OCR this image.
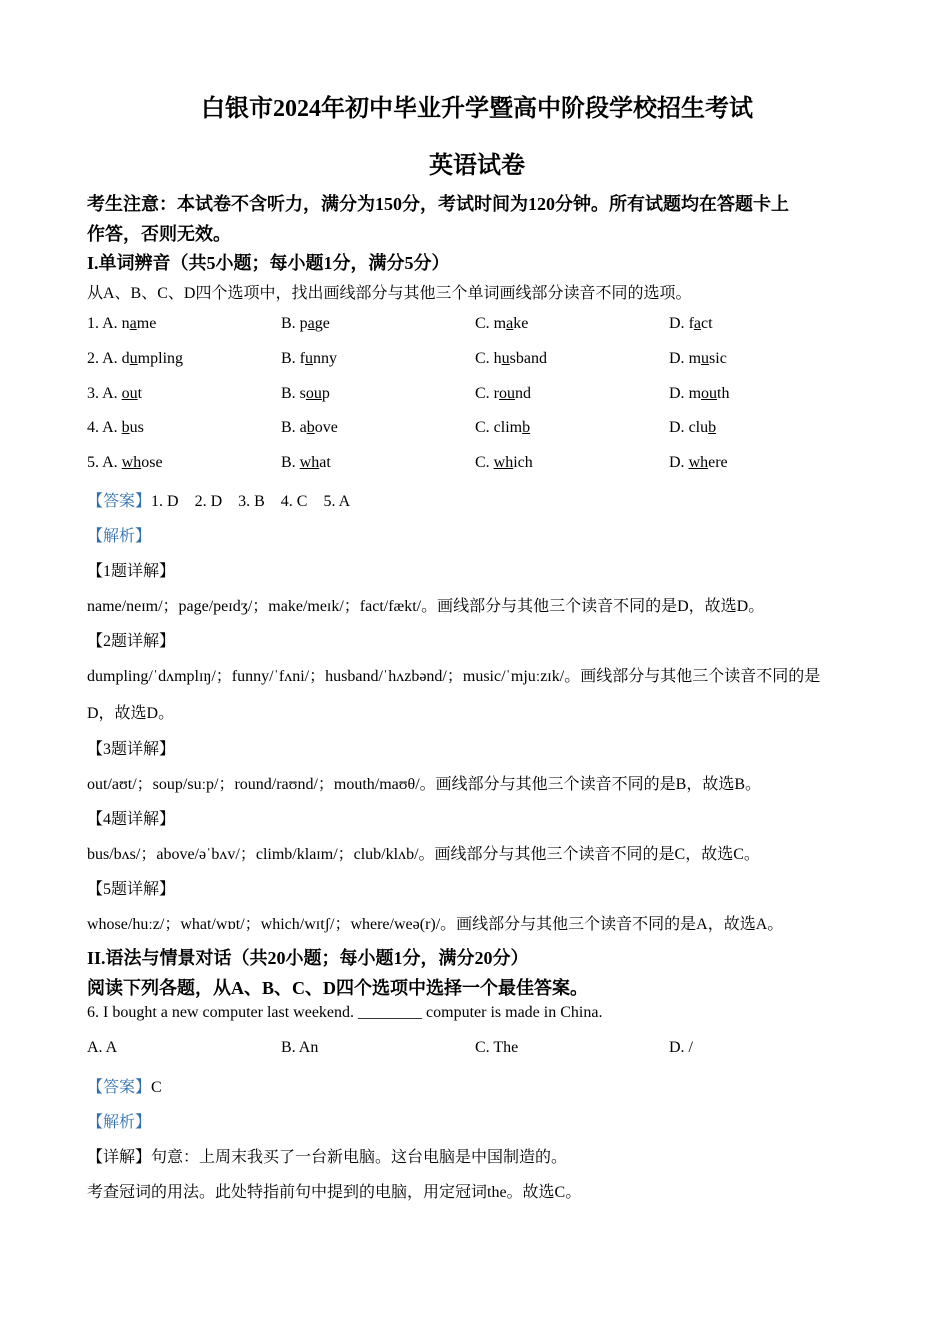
白银市2024年初中毕业升学暨高中阶段学校招生考试
英语试卷
考生注意：本试卷不含听力，满分为150分，考试时间为120分钟。所有试题均在答题卡上
作答，否则无效。
I.单词辨音（共5小题；每小题1分，满分5分）
从A、B、C、D四个选项中，找出画线部分与其他三个单词画线部分读音不同的选项。
1. A. name	B. page	C. make	D. fact
2. A. dumpling	B. funny	C. husband	D. music
3. A. out	B. soup	C. round	D. mouth
4. A. bus	B. above	C. climb	D. club
5. A. whose	B. what	C. which	D. where
【答案】1. D    2. D    3. B    4. C    5. A
【解析】
【1题详解】
name/neɪm/；page/peɪdʒ/；make/meɪk/；fact/fækt/。画线部分与其他三个读音不同的是D，故选D。
【2题详解】
dumpling/ˈdʌmplɪŋ/；funny/ˈfʌni/；husband/ˈhʌzbənd/；music/ˈmjuːzɪk/。画线部分与其他三个读音不同的是
D，故选D。
【3题详解】
out/aʊt/；soup/suːp/；round/raʊnd/；mouth/maʊθ/。画线部分与其他三个读音不同的是B，故选B。
【4题详解】
bus/bʌs/；above/əˈbʌv/；climb/klaɪm/；club/klʌb/。画线部分与其他三个读音不同的是C，故选C。
【5题详解】
whose/huːz/；what/wɒt/；which/wɪtʃ/；where/weə(r)/。画线部分与其他三个读音不同的是A，故选A。
II.语法与情景对话（共20小题；每小题1分，满分20分）
阅读下列各题，从A、B、C、D四个选项中选择一个最佳答案。
6. I bought a new computer last weekend. ________ computer is made in China.
A. A	B. An	C. The	D. /
【答案】C
【解析】
【详解】句意：上周末我买了一台新电脑。这台电脑是中国制造的。
考查冠词的用法。此处特指前句中提到的电脑，用定冠词the。故选C。
